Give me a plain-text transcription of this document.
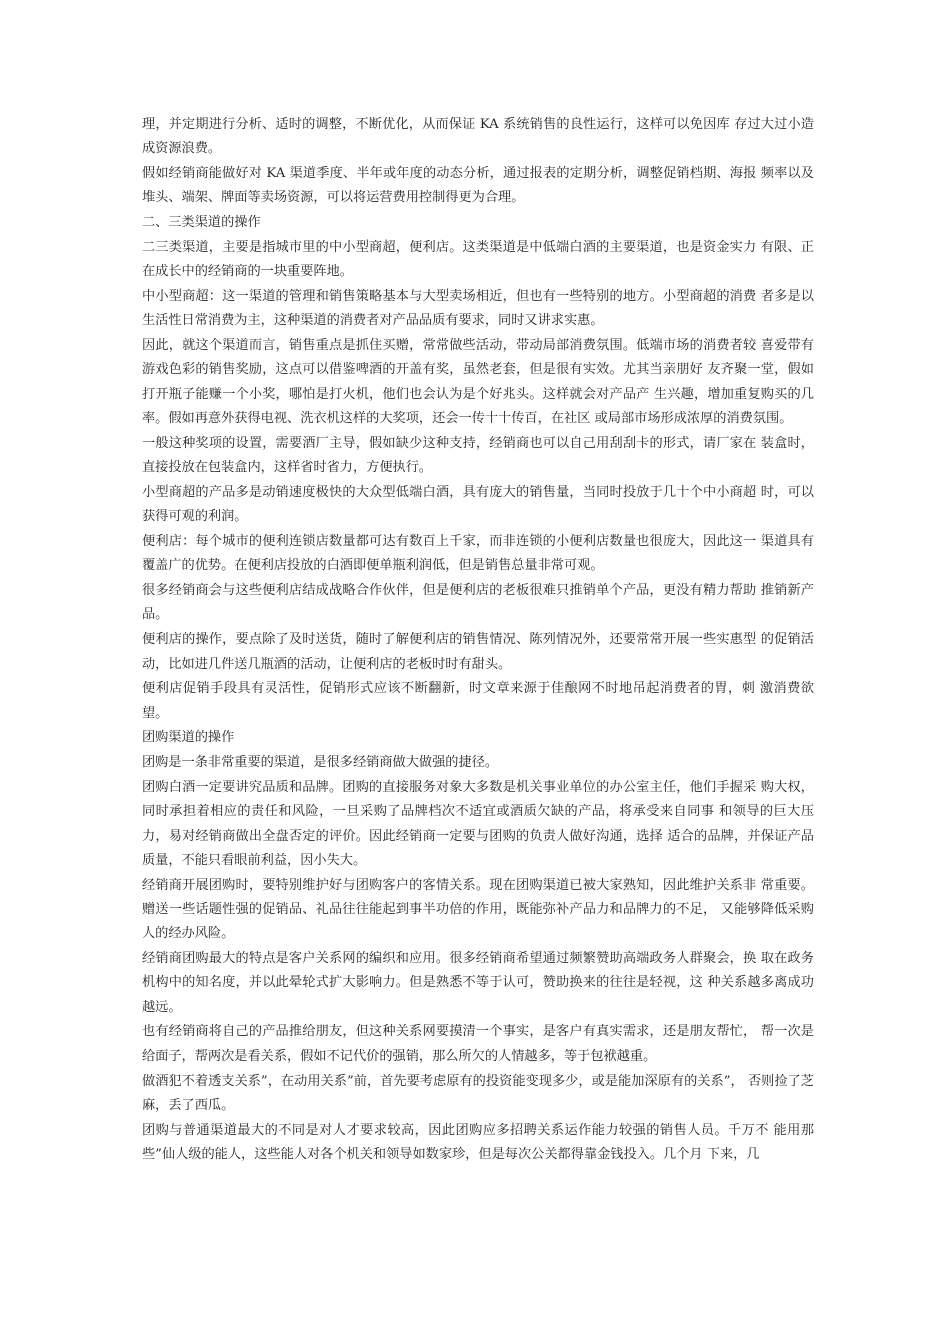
理，并定期进行分析、适时的调整，不断优化，从而保证 KA 系统销售的良性运行，这样可以免因库 存过大过小造成资源浪费。

假如经销商能做好对 KA 渠道季度、半年或年度的动态分析，通过报表的定期分析，调整促销档期、海报 频率以及堆头、端架、牌面等卖场资源，可以将运营费用控制得更为合理。

二、三类渠道的操作

二三类渠道，主要是指城市里的中小型商超，便利店。这类渠道是中低端白酒的主要渠道，也是资金实力 有限、正在成长中的经销商的一块重要阵地。

中小型商超：这一渠道的管理和销售策略基本与大型卖场相近，但也有一些特别的地方。小型商超的消费 者多是以生活性日常消费为主，这种渠道的消费者对产品品质有要求，同时又讲求实惠。

因此，就这个渠道而言，销售重点是抓住买赠，常常做些活动，带动局部消费氛围。低端市场的消费者较 喜爱带有游戏色彩的销售奖励，这点可以借鉴啤酒的开盖有奖，虽然老套，但是很有实效。尤其当亲朋好 友齐聚一堂，假如打开瓶子能赚一个小奖，哪怕是打火机，他们也会认为是个好兆头。这样就会对产品产 生兴趣，增加重复购买的几率。假如再意外获得电视、洗衣机这样的大奖项，还会一传十十传百，在社区 或局部市场形成浓厚的消费氛围。

一般这种奖项的设置，需要酒厂主导，假如缺少这种支持，经销商也可以自己用刮刮卡的形式，请厂家在 装盒时，直接投放在包装盒内，这样省时省力，方便执行。

小型商超的产品多是动销速度极快的大众型低端白酒，具有庞大的销售量，当同时投放于几十个中小商超 时，可以获得可观的利润。

便利店：每个城市的便利连锁店数量都可达有数百上千家，而非连锁的小便利店数量也很庞大，因此这一 渠道具有覆盖广的优势。在便利店投放的白酒即便单瓶利润低，但是销售总量非常可观。

很多经销商会与这些便利店结成战略合作伙伴，但是便利店的老板很难只推销单个产品，更没有精力帮助 推销新产品。

便利店的操作，要点除了及时送货，随时了解便利店的销售情况、陈列情况外，还要常常开展一些实惠型 的促销活动，比如进几件送几瓶酒的活动，让便利店的老板时时有甜头。

便利店促销手段具有灵活性，促销形式应该不断翻新，时文章来源于佳酿网不时地吊起消费者的胃，刺 激消费欲望。

团购渠道的操作

团购是一条非常重要的渠道，是很多经销商做大做强的捷径。

团购白酒一定要讲究品质和品牌。团购的直接服务对象大多数是机关事业单位的办公室主任，他们手握采 购大权，同时承担着相应的责任和风险，一旦采购了品牌档次不适宜或酒质欠缺的产品，将承受来自同事 和领导的巨大压力，易对经销商做出全盘否定的评价。因此经销商一定要与团购的负责人做好沟通，选择 适合的品牌，并保证产品质量，不能只看眼前利益，因小失大。

经销商开展团购时，要特别维护好与团购客户的客情关系。现在团购渠道已被大家熟知，因此维护关系非 常重要。赠送一些话题性强的促销品、礼品往往能起到事半功倍的作用，既能弥补产品力和品牌力的不足， 又能够降低采购人的经办风险。

经销商团购最大的特点是客户关系网的编织和应用。很多经销商希望通过频繁赞助高端政务人群聚会，换 取在政务机构中的知名度，并以此晕轮式扩大影响力。但是熟悉不等于认可，赞助换来的往往是轻视，这 种关系越多离成功越远。

也有经销商将自己的产品推给朋友，但这种关系网要摸清一个事实，是客户有真实需求，还是朋友帮忙， 帮一次是给面子，帮两次是看关系，假如不记代价的强销，那么所欠的人情越多，等于包袱越重。

做酒犯不着透支关系”，在动用关系”前，首先要考虑原有的投资能变现多少，或是能加深原有的关系”， 否则捡了芝麻，丢了西瓜。

团购与普通渠道最大的不同是对人才要求较高，因此团购应多招聘关系运作能力较强的销售人员。千万不 能用那些”仙人级的能人，这些能人对各个机关和领导如数家珍，但是每次公关都得靠金钱投入。几个月 下来，几
